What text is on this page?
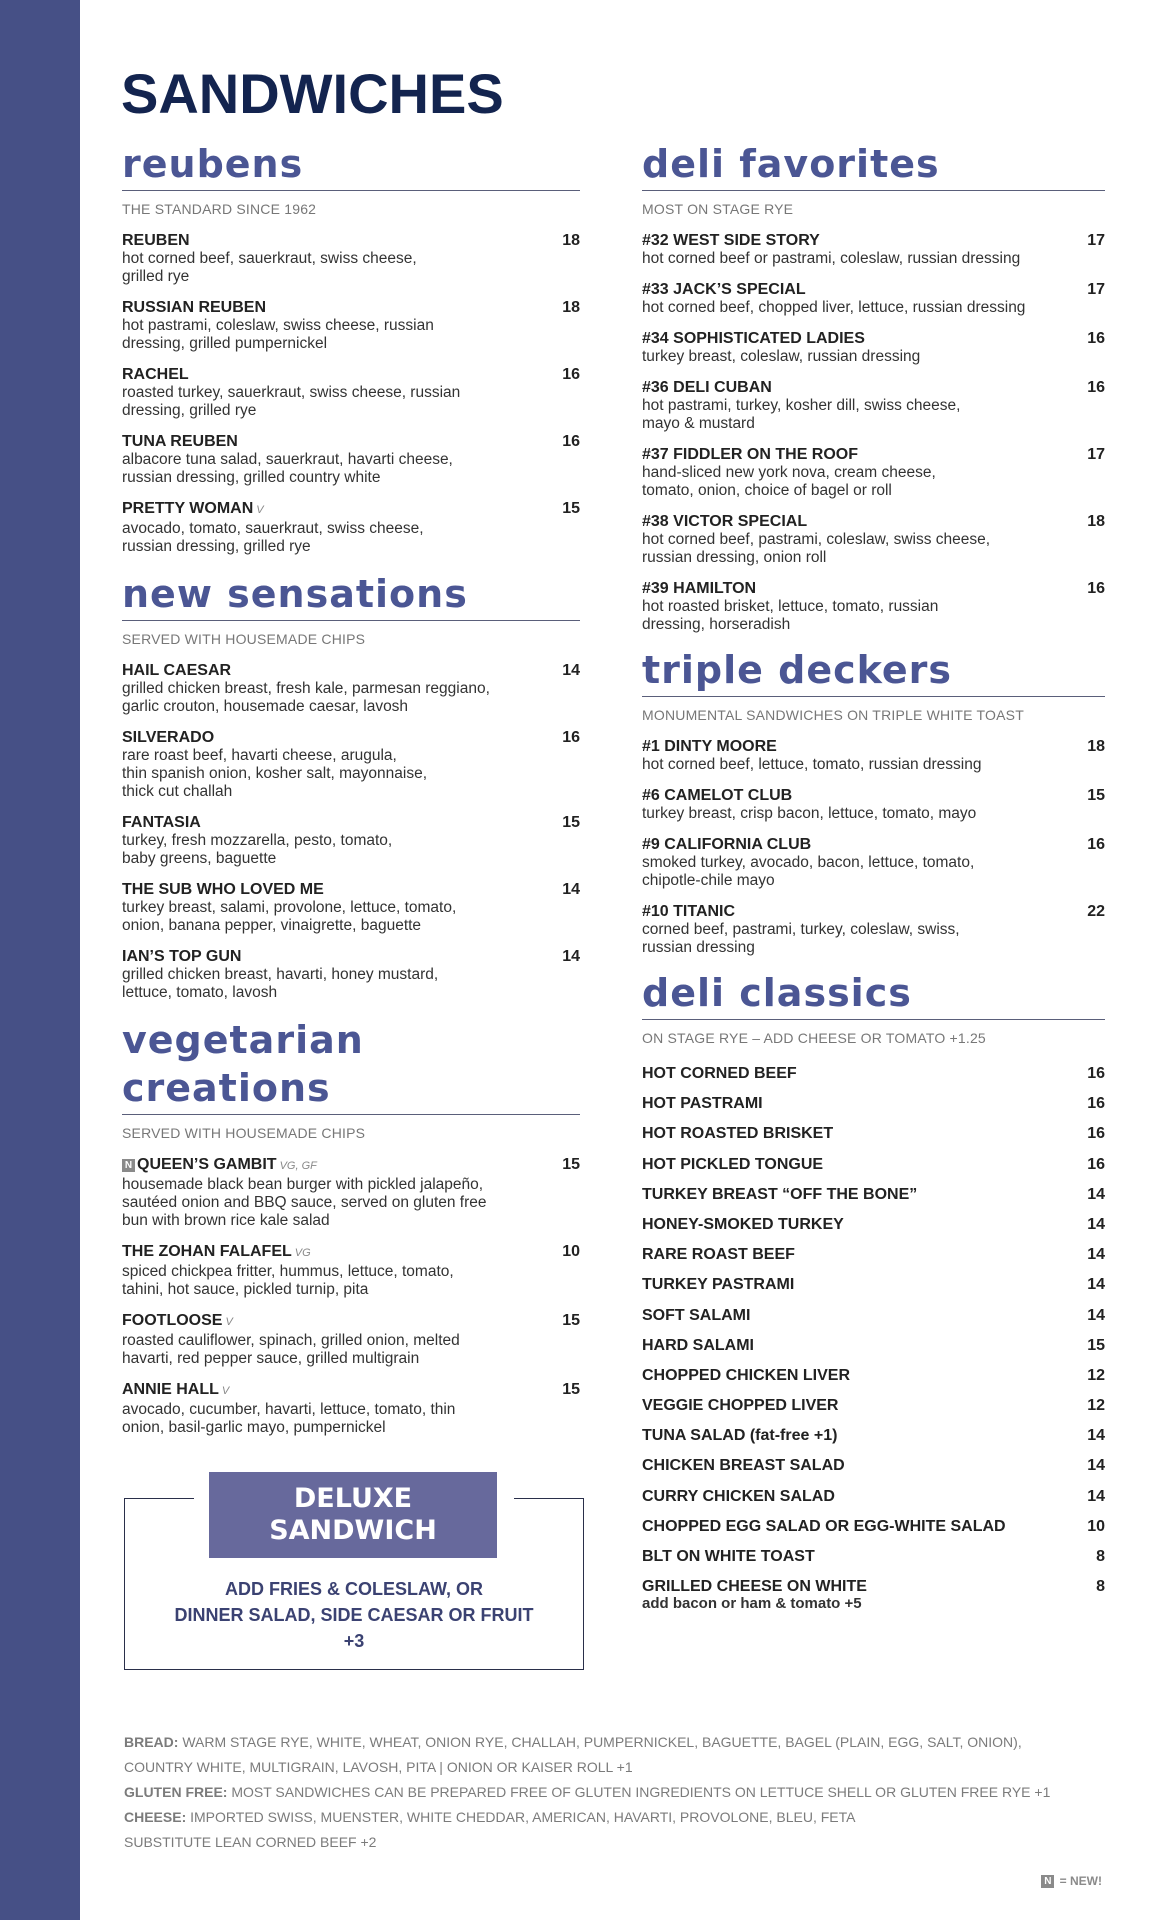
SANDWICHES
reubens
THE STANDARD SINCE 1962
REUBEN	18
hot corned beef, sauerkraut, swiss cheese,
grilled rye
RUSSIAN REUBEN	18
hot pastrami, coleslaw, swiss cheese, russian
dressing, grilled pumpernickel
RACHEL	16
roasted turkey, sauerkraut, swiss cheese, russian
dressing, grilled rye
TUNA REUBEN	16
albacore tuna salad, sauerkraut, havarti cheese,
russian dressing, grilled country white
PRETTY WOMAN V	15
avocado, tomato, sauerkraut, swiss cheese,
russian dressing, grilled rye
new sensations
SERVED WITH HOUSEMADE CHIPS
HAIL CAESAR	14
grilled chicken breast, fresh kale, parmesan reggiano,
garlic crouton, housemade caesar, lavosh
SILVERADO	16
rare roast beef, havarti cheese, arugula,
thin spanish onion, kosher salt, mayonnaise,
thick cut challah
FANTASIA	15
turkey, fresh mozzarella, pesto, tomato,
baby greens, baguette
THE SUB WHO LOVED ME	14
turkey breast, salami, provolone, lettuce, tomato,
onion, banana pepper, vinaigrette, baguette
IAN’S TOP GUN	14
grilled chicken breast, havarti, honey mustard,
lettuce, tomato, lavosh
vegetarian creations
SERVED WITH HOUSEMADE CHIPS
N QUEEN’S GAMBIT VG, GF	15
housemade black bean burger with pickled jalapeño,
sautéed onion and BBQ sauce, served on gluten free
bun with brown rice kale salad
THE ZOHAN FALAFEL VG	10
spiced chickpea fritter, hummus, lettuce, tomato,
tahini, hot sauce, pickled turnip, pita
FOOTLOOSE V	15
roasted cauliflower, spinach, grilled onion, melted
havarti, red pepper sauce, grilled multigrain
ANNIE HALL V	15
avocado, cucumber, havarti, lettuce, tomato, thin
onion, basil-garlic mayo, pumpernickel
deli favorites
MOST ON STAGE RYE
#32 WEST SIDE STORY	17
hot corned beef or pastrami, coleslaw, russian dressing
#33 JACK’S SPECIAL	17
hot corned beef, chopped liver, lettuce, russian dressing
#34 SOPHISTICATED LADIES	16
turkey breast, coleslaw, russian dressing
#36 DELI CUBAN	16
hot pastrami, turkey, kosher dill, swiss cheese,
mayo & mustard
#37 FIDDLER ON THE ROOF	17
hand-sliced new york nova, cream cheese,
tomato, onion, choice of bagel or roll
#38 VICTOR SPECIAL	18
hot corned beef, pastrami, coleslaw, swiss cheese,
russian dressing, onion roll
#39 HAMILTON	16
hot roasted brisket, lettuce, tomato, russian
dressing, horseradish
triple deckers
MONUMENTAL SANDWICHES ON TRIPLE WHITE TOAST
#1 DINTY MOORE	18
hot corned beef, lettuce, tomato, russian dressing
#6 CAMELOT CLUB	15
turkey breast, crisp bacon, lettuce, tomato, mayo
#9 CALIFORNIA CLUB	16
smoked turkey, avocado, bacon, lettuce, tomato,
chipotle-chile mayo
#10 TITANIC	22
corned beef, pastrami, turkey, coleslaw, swiss,
russian dressing
deli classics
ON STAGE RYE – ADD CHEESE OR TOMATO +1.25
HOT CORNED BEEF	16
HOT PASTRAMI	16
HOT ROASTED BRISKET	16
HOT PICKLED TONGUE	16
TURKEY BREAST “OFF THE BONE”	14
HONEY-SMOKED TURKEY	14
RARE ROAST BEEF	14
TURKEY PASTRAMI	14
SOFT SALAMI	14
HARD SALAMI	15
CHOPPED CHICKEN LIVER	12
VEGGIE CHOPPED LIVER	12
TUNA SALAD (fat-free +1)	14
CHICKEN BREAST SALAD	14
CURRY CHICKEN SALAD	14
CHOPPED EGG SALAD OR EGG-WHITE SALAD	10
BLT ON WHITE TOAST	8
GRILLED CHEESE ON WHITE	8
add bacon or ham & tomato +5
DELUXE
SANDWICH
ADD FRIES & COLESLAW, OR
DINNER SALAD, SIDE CAESAR OR FRUIT
+3
BREAD: WARM STAGE RYE, WHITE, WHEAT, ONION RYE, CHALLAH, PUMPERNICKEL, BAGUETTE, BAGEL (PLAIN, EGG, SALT, ONION),
COUNTRY WHITE, MULTIGRAIN, LAVOSH, PITA | ONION OR KAISER ROLL +1
GLUTEN FREE: MOST SANDWICHES CAN BE PREPARED FREE OF GLUTEN INGREDIENTS ON LETTUCE SHELL OR GLUTEN FREE RYE +1
CHEESE: IMPORTED SWISS, MUENSTER, WHITE CHEDDAR, AMERICAN, HAVARTI, PROVOLONE, BLEU, FETA
SUBSTITUTE LEAN CORNED BEEF +2
N = NEW!
